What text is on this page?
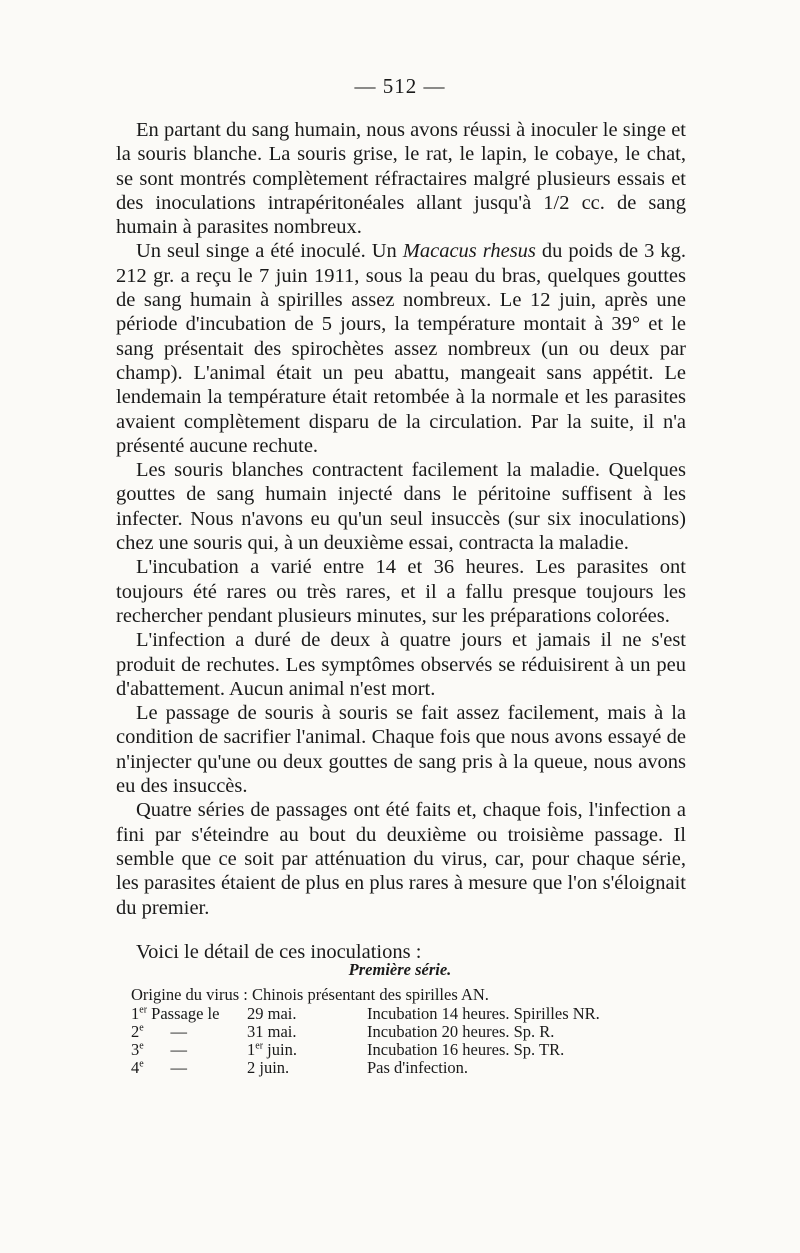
— 512 —

En partant du sang humain, nous avons réussi à inoculer le singe et la souris blanche. La souris grise, le rat, le lapin, le cobaye, le chat, se sont montrés complètement réfractaires malgré plusieurs essais et des inoculations intrapéritonéales allant jusqu'à 1/2 cc. de sang humain à parasites nombreux.

Un seul singe a été inoculé. Un Macacus rhesus du poids de 3 kg. 212 gr. a reçu le 7 juin 1911, sous la peau du bras, quelques gouttes de sang humain à spirilles assez nombreux. Le 12 juin, après une période d'incubation de 5 jours, la température montait à 39° et le sang présentait des spirochètes assez nombreux (un ou deux par champ). L'animal était un peu abattu, mangeait sans appétit. Le lendemain la température était retombée à la normale et les parasites avaient complètement disparu de la circulation. Par la suite, il n'a présenté aucune rechute.

Les souris blanches contractent facilement la maladie. Quelques gouttes de sang humain injecté dans le péritoine suffisent à les infecter. Nous n'avons eu qu'un seul insuccès (sur six inoculations) chez une souris qui, à un deuxième essai, contracta la maladie.

L'incubation a varié entre 14 et 36 heures. Les parasites ont toujours été rares ou très rares, et il a fallu presque toujours les rechercher pendant plusieurs minutes, sur les préparations colorées.

L'infection a duré de deux à quatre jours et jamais il ne s'est produit de rechutes. Les symptômes observés se réduisirent à un peu d'abattement. Aucun animal n'est mort.

Le passage de souris à souris se fait assez facilement, mais à la condition de sacrifier l'animal. Chaque fois que nous avons essayé de n'injecter qu'une ou deux gouttes de sang pris à la queue, nous avons eu des insuccès.

Quatre séries de passages ont été faits et, chaque fois, l'infection a fini par s'éteindre au bout du deuxième ou troisième passage. Il semble que ce soit par atténuation du virus, car, pour chaque série, les parasites étaient de plus en plus rares à mesure que l'on s'éloignait du premier.

Voici le détail de ces inoculations :

Première série.
Origine du virus : Chinois présentant des spirilles AN.
1er Passage le	29 mai.	Incubation 14 heures. Spirilles NR.
2e —	31 mai.	Incubation 20 heures. Sp. R.
3e —	1er juin.	Incubation 16 heures. Sp. TR.
4e —	2 juin.	Pas d'infection.
